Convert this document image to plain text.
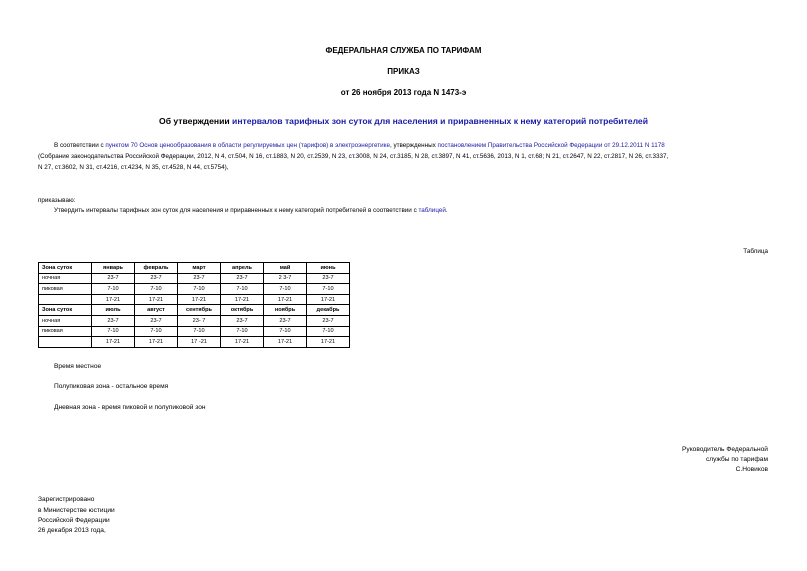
ФЕДЕРАЛЬНАЯ СЛУЖБА ПО ТАРИФАМ
ПРИКАЗ
от 26 ноября 2013 года N 1473-э
Об утверждении интервалов тарифных зон суток для населения и приравненных к нему категорий потребителей
В соответствии с пунктом 70 Основ ценообразования в области регулируемых цен (тарифов) в электроэнергетике, утвержденных постановлением Правительства Российской Федерации от 29.12.2011 N 1178
(Собрание законодательства Российской Федерации, 2012, N 4, ст.504, N 16, ст.1883, N 20, ст.2539, N 23, ст.3008, N 24, ст.3185, N 28, ст.3897, N 41, ст.5636, 2013, N 1, ст.68; N 21, ст.2647, N 22, ст.2817, N 26, ст.3337,
N 27, ст.3602, N 31, ст.4216, ст.4234, N 35, ст.4528, N 44, ст.5754),
приказываю:
Утвердить интервалы тарифных зон суток для населения и приравненных к нему категорий потребителей в соответствии с таблицей.
Таблица
Зона суток	январь	февраль	март	апрель	май	июнь
ночная	23-7	23-7	23-7	23-7	2 3-7	23-7
пиковая	7-10	7-10	7-10	7-10	7-10	7-10
	17-21	17-21	17-21	17-21	17-21	17-21
Зона суток	июль	август	сентябрь	октябрь	ноябрь	декабрь
ночная	23-7	23-7	23- 7	23-7	23-7	23-7
пиковая	7-10	7-10	7-10	7-10	7-10	7-10
	17-21	17-21	17 -21	17-21	17-21	17-21
Время местное
Полупиковая зона - остальное время
Дневная зона - время пиковой и полупиковой зон
Руководитель Федеральной
службы по тарифам
С.Новиков
Зарегистрировано
в Министерстве юстиции
Российской Федерации
26 декабря 2013 года,
